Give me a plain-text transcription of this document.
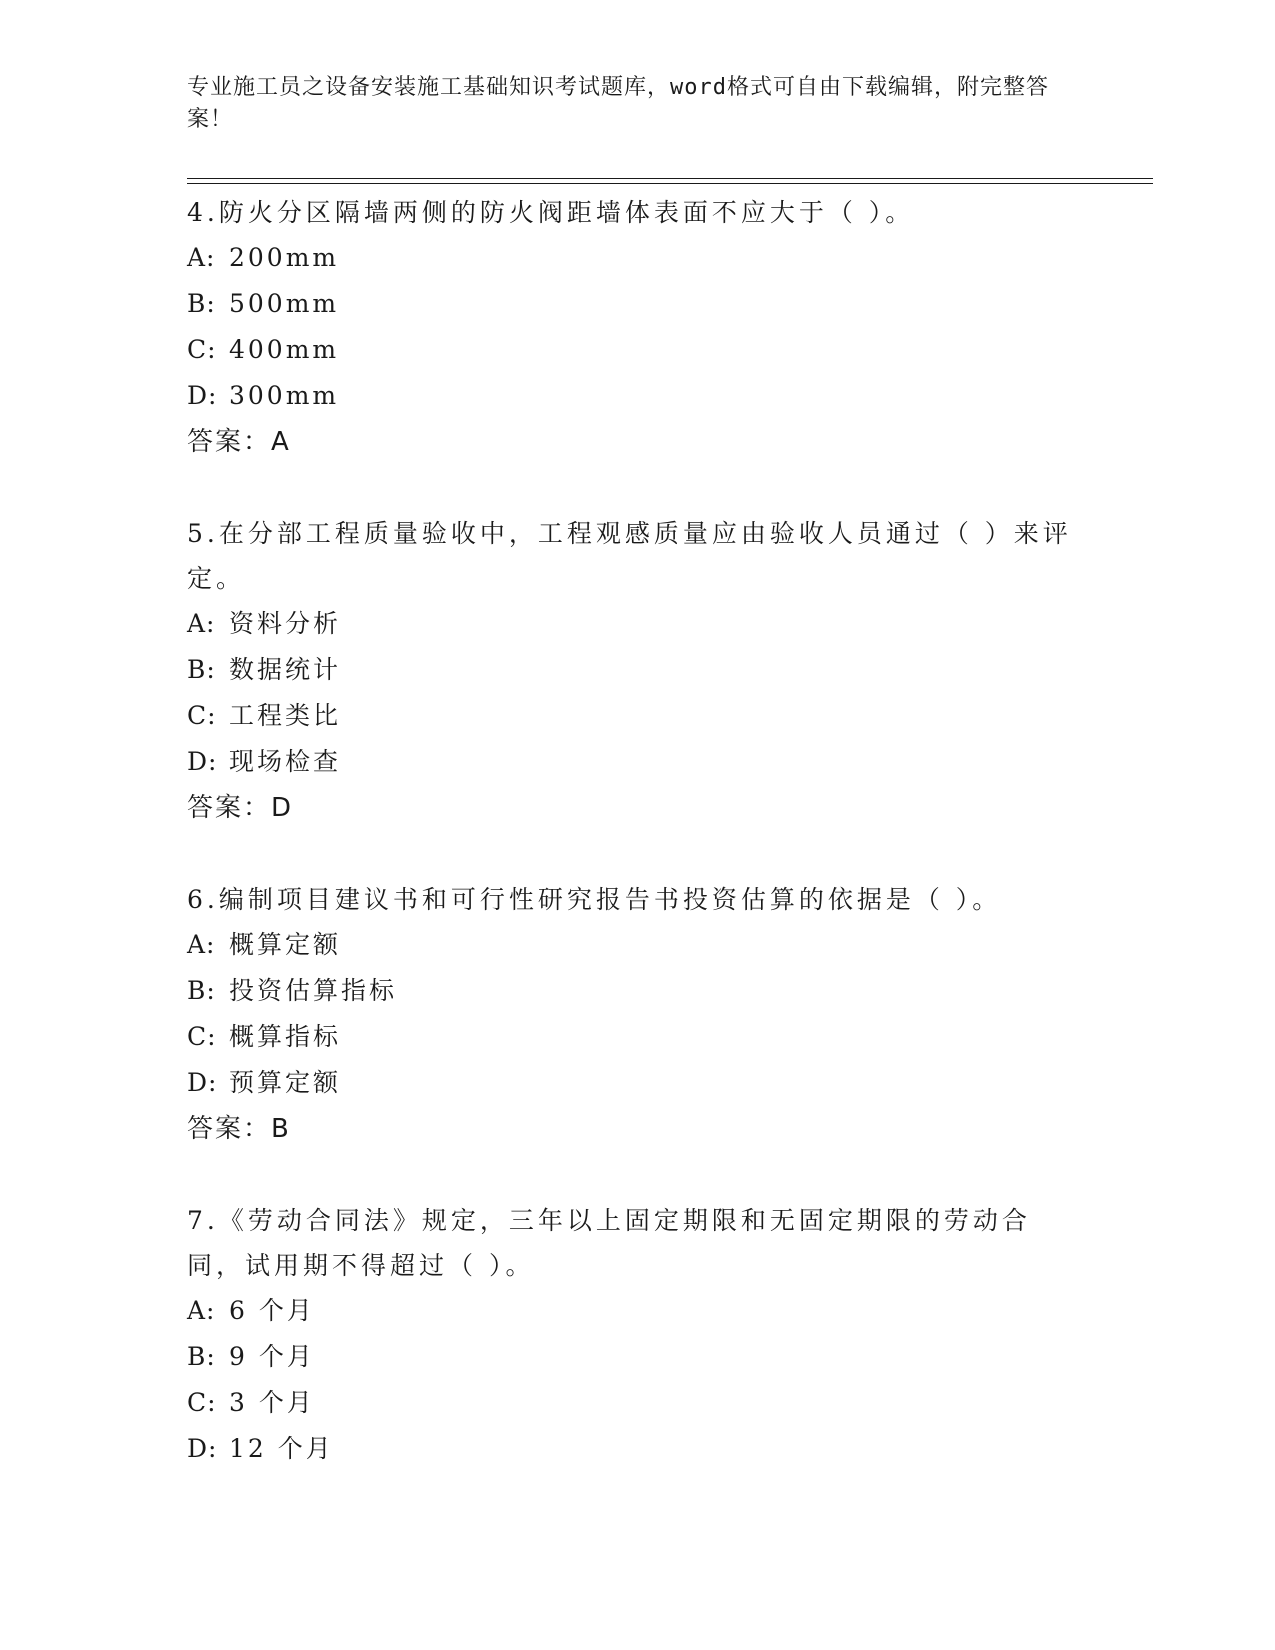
专业施工员之设备安装施工基础知识考试题库，word格式可自由下载编辑，附完整答案！

4.防火分区隔墙两侧的防火阀距墙体表面不应大于（ ）。

A: 200mm

B: 500mm

C: 400mm

D: 300mm

答案：A

5.在分部工程质量验收中，工程观感质量应由验收人员通过（ ）来评定。

A: 资料分析

B: 数据统计

C: 工程类比

D: 现场检查

答案：D

6.编制项目建议书和可行性研究报告书投资估算的依据是（ ）。

A: 概算定额

B: 投资估算指标

C: 概算指标

D: 预算定额

答案：B

7.《劳动合同法》规定，三年以上固定期限和无固定期限的劳动合同，试用期不得超过（ ）。

A: 6 个月

B: 9 个月

C: 3 个月

D: 12 个月
